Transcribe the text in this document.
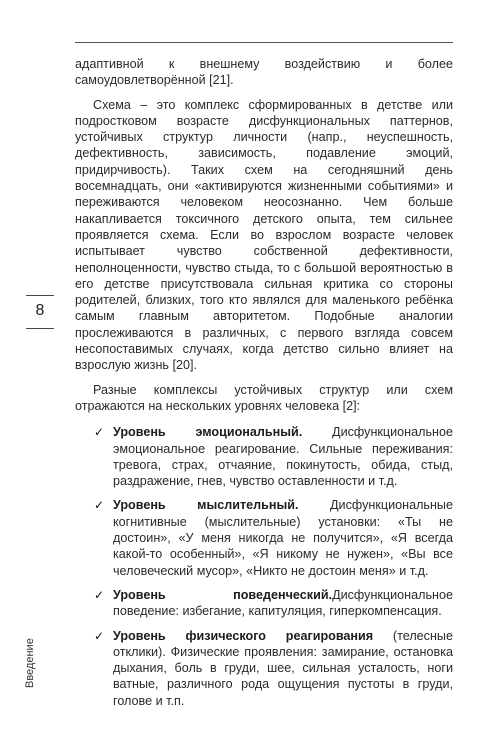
8
Введение

адаптивной к внешнему воздействию и более самоудовлетворённой [21].

Схема – это комплекс сформированных в детстве или подростковом возрасте дисфункциональных паттернов, устойчивых структур личности (напр., неуспешность, дефективность, зависимость, подавление эмоций, придирчивость). Таких схем на сегодняшний день восемнадцать, они «активируются жизненными событиями» и переживаются человеком неосознанно. Чем больше накапливается токсичного детского опыта, тем сильнее проявляется схема. Если во взрослом возрасте человек испытывает чувство собственной дефективности, неполноценности, чувство стыда, то с большой вероятностью в его детстве присутствовала сильная критика со стороны родителей, близких, того кто являлся для маленького ребёнка самым главным авторитетом. Подобные аналогии прослеживаются в различных, с первого взгляда совсем несопоставимых случаях, когда детство сильно влияет на взрослую жизнь [20].

Разные комплексы устойчивых структур или схем отражаются на нескольких уровнях человека [2]:

✓ Уровень эмоциональный. Дисфункциональное эмоциональное реагирование. Сильные переживания: тревога, страх, отчаяние, покинутость, обида, стыд, раздражение, гнев, чувство оставленности и т.д.
✓ Уровень мыслительный. Дисфункциональные когнитивные (мыслительные) установки: «Ты не достоин», «У меня никогда не получится», «Я всегда какой-то особенный», «Я никому не нужен», «Вы все человеческий мусор», «Никто не достоин меня» и т.д.
✓ Уровень поведенческий.Дисфункциональное поведение: избегание, капитуляция, гиперкомпенсация.
✓ Уровень физического реагирования (телесные отклики). Физические проявления: замирание, остановка дыхания, боль в груди, шее, сильная усталость, ноги ватные, различного рода ощущения пустоты в груди, голове и т.п.
